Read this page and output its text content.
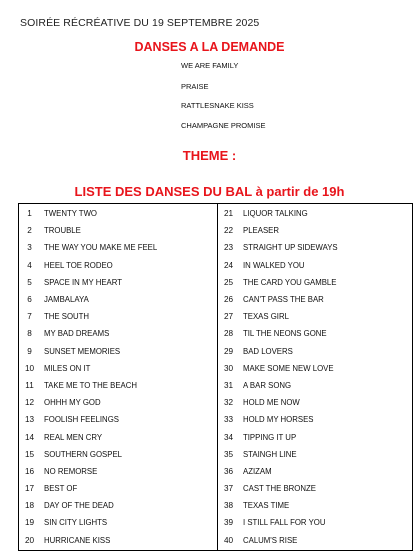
SOIRÉE RÉCRÉATIVE DU 19 SEPTEMBRE 2025
DANSES A LA DEMANDE
WE ARE FAMILY
PRAISE
RATTLESNAKE KISS
CHAMPAGNE PROMISE
THEME :
LISTE DES DANSES DU BAL à partir de 19h
1	TWENTY TWO
2	TROUBLE
3	THE WAY YOU MAKE ME FEEL
4	HEEL TOE RODEO
5	SPACE IN MY HEART
6	JAMBALAYA
7	THE SOUTH
8	MY BAD DREAMS
9	SUNSET MEMORIES
10	MILES ON IT
11	TAKE ME TO THE BEACH
12	OHHH MY GOD
13	FOOLISH FEELINGS
14	REAL MEN CRY
15	SOUTHERN GOSPEL
16	NO REMORSE
17	BEST OF
18	DAY OF THE DEAD
19	SIN CITY LIGHTS
20	HURRICANE KISS
21	LIQUOR TALKING
22	PLEASER
23	STRAIGHT UP SIDEWAYS
24	IN WALKED YOU
25	THE CARD YOU GAMBLE
26	CAN'T PASS THE BAR
27	TEXAS GIRL
28	TIL THE NEONS GONE
29	BAD LOVERS
30	MAKE SOME NEW LOVE
31	A BAR SONG
32	HOLD ME NOW
33	HOLD MY HORSES
34	TIPPING IT UP
35	STAINGH LINE
36	AZIZAM
37	CAST THE BRONZE
38	TEXAS TIME
39	I STILL FALL FOR YOU
40	CALUM'S RISE
